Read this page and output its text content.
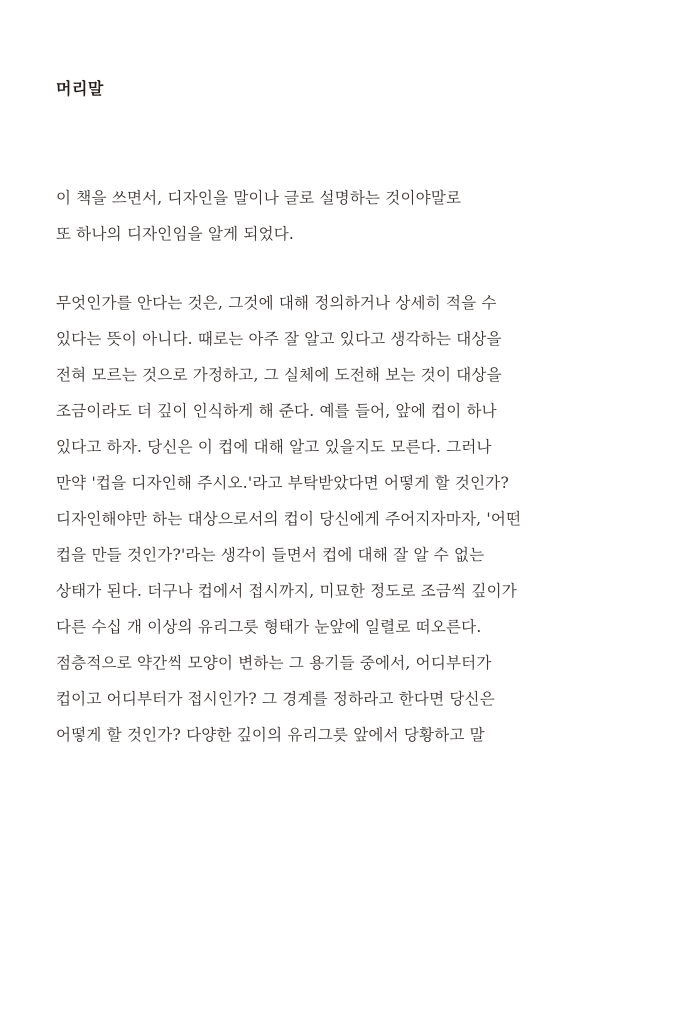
머리말
이 책을 쓰면서, 디자인을 말이나 글로 설명하는 것이야말로
또 하나의 디자인임을 알게 되었다.
무엇인가를 안다는 것은, 그것에 대해 정의하거나 상세히 적을 수
있다는 뜻이 아니다. 때로는 아주 잘 알고 있다고 생각하는 대상을
전혀 모르는 것으로 가정하고, 그 실체에 도전해 보는 것이 대상을
조금이라도 더 깊이 인식하게 해 준다. 예를 들어, 앞에 컵이 하나
있다고 하자. 당신은 이 컵에 대해 알고 있을지도 모른다. 그러나
만약 '컵을 디자인해 주시오.'라고 부탁받았다면 어떻게 할 것인가?
디자인해야만 하는 대상으로서의 컵이 당신에게 주어지자마자, '어떤
컵을 만들 것인가?'라는 생각이 들면서 컵에 대해 잘 알 수 없는
상태가 된다. 더구나 컵에서 접시까지, 미묘한 정도로 조금씩 깊이가
다른 수십 개 이상의 유리그릇 형태가 눈앞에 일렬로 떠오른다.
점층적으로 약간씩 모양이 변하는 그 용기들 중에서, 어디부터가
컵이고 어디부터가 접시인가? 그 경계를 정하라고 한다면 당신은
어떻게 할 것인가? 다양한 깊이의 유리그릇 앞에서 당황하고 말
